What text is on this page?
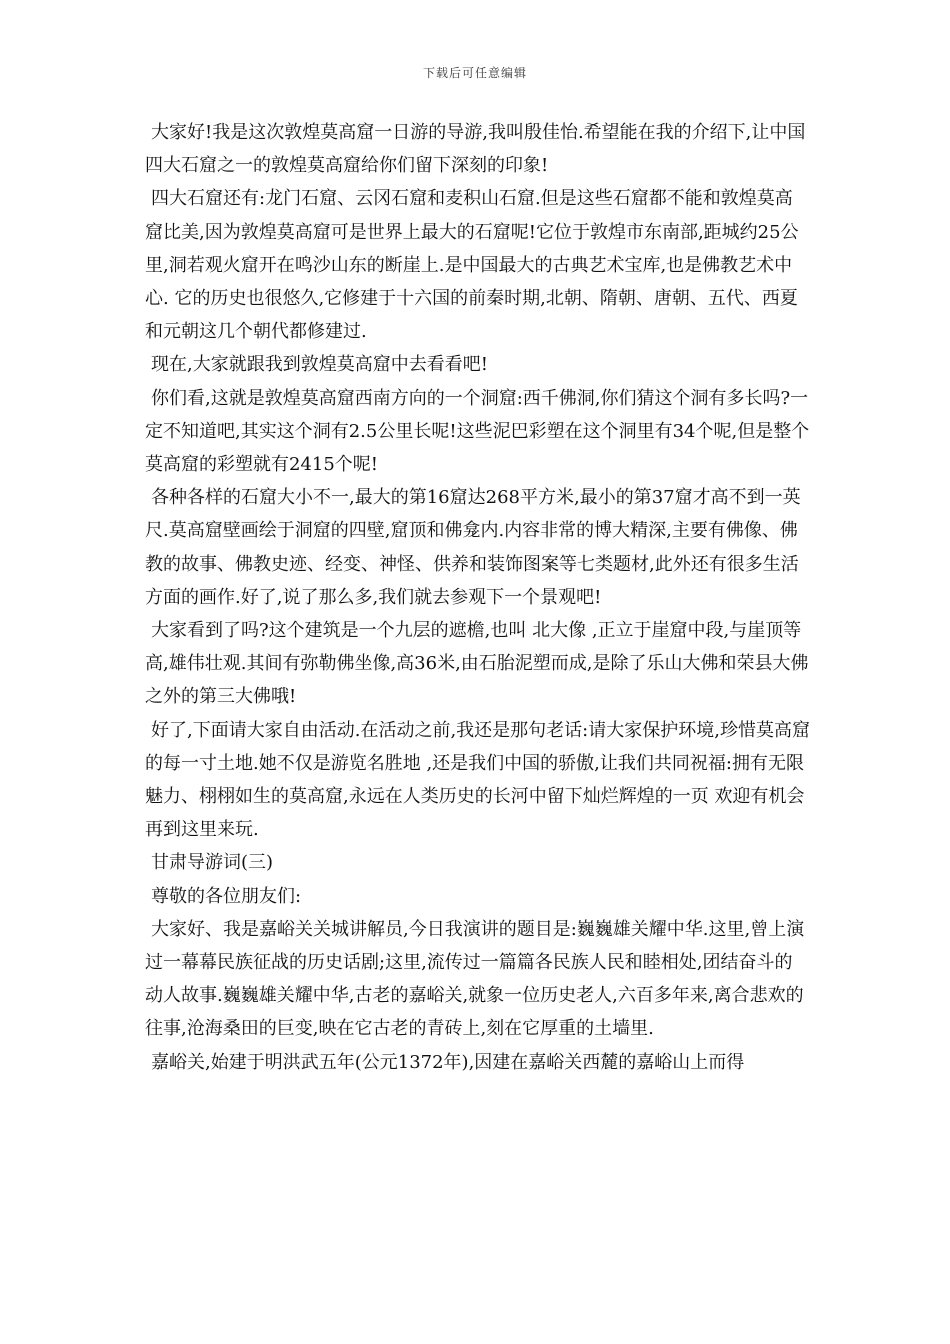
下载后可任意编辑

大家好!我是这次敦煌莫高窟一日游的导游,我叫殷佳怡.希望能在我的介绍下,让中国四大石窟之一的敦煌莫高窟给你们留下深刻的印象!

四大石窟还有:龙门石窟、云冈石窟和麦积山石窟.但是这些石窟都不能和敦煌莫高窟比美,因为敦煌莫高窟可是世界上最大的石窟呢!它位于敦煌市东南部,距城约25公里,洞若观火窟开在鸣沙山东的断崖上.是中国最大的古典艺术宝库,也是佛教艺术中心. 它的历史也很悠久,它修建于十六国的前秦时期,北朝、隋朝、唐朝、五代、西夏和元朝这几个朝代都修建过.

现在,大家就跟我到敦煌莫高窟中去看看吧!

你们看,这就是敦煌莫高窟西南方向的一个洞窟:西千佛洞,你们猜这个洞有多长吗?一定不知道吧,其实这个洞有2.5公里长呢!这些泥巴彩塑在这个洞里有34个呢,但是整个莫高窟的彩塑就有2415个呢!

各种各样的石窟大小不一,最大的第16窟达268平方米,最小的第37窟才高不到一英尺.莫高窟壁画绘于洞窟的四壁,窟顶和佛龛内.内容非常的博大精深,主要有佛像、佛教的故事、佛教史迹、经变、神怪、供养和装饰图案等七类题材,此外还有很多生活方面的画作.好了,说了那么多,我们就去参观下一个景观吧!

大家看到了吗?这个建筑是一个九层的遮檐,也叫 北大像 ,正立于崖窟中段,与崖顶等高,雄伟壮观.其间有弥勒佛坐像,高36米,由石胎泥塑而成,是除了乐山大佛和荣县大佛之外的第三大佛哦!

好了,下面请大家自由活动.在活动之前,我还是那句老话:请大家保护环境,珍惜莫高窟的每一寸土地.她不仅是游览名胜地 ,还是我们中国的骄傲,让我们共同祝福:拥有无限魅力、栩栩如生的莫高窟,永远在人类历史的长河中留下灿烂辉煌的一页 欢迎有机会再到这里来玩.

甘肃导游词(三)

尊敬的各位朋友们:

大家好、我是嘉峪关关城讲解员,今日我演讲的题目是:巍巍雄关耀中华.这里,曾上演过一幕幕民族征战的历史话剧;这里,流传过一篇篇各民族人民和睦相处,团结奋斗的动人故事.巍巍雄关耀中华,古老的嘉峪关,就象一位历史老人,六百多年来,离合悲欢的往事,沧海桑田的巨变,映在它古老的青砖上,刻在它厚重的土墙里.

嘉峪关,始建于明洪武五年(公元1372年),因建在嘉峪关西麓的嘉峪山上而得
